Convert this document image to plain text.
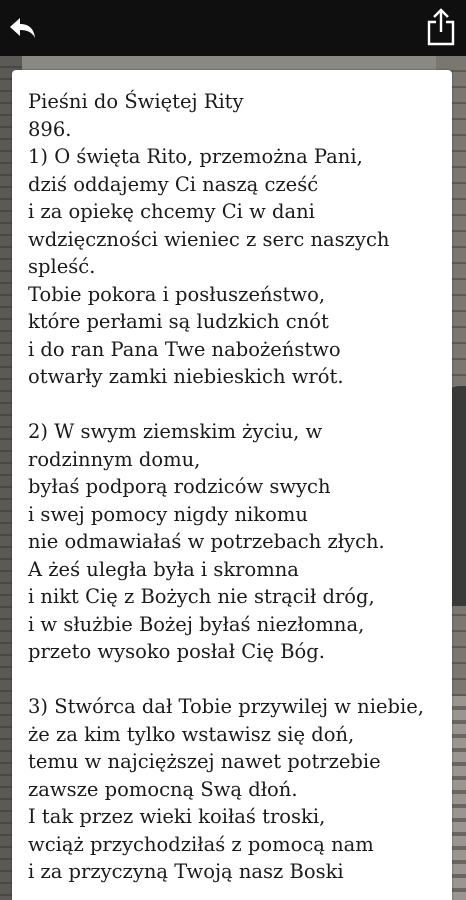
Pieśni do Świętej Rity
896.
1) O święta Rito, przemożna Pani,
dziś oddajemy Ci naszą cześć
i za opiekę chcemy Ci w dani
wdzięczności wieniec z serc naszych
spleść.
Tobie pokora i posłuszeństwo,
które perłami są ludzkich cnót
i do ran Pana Twe nabożeństwo
otwarły zamki niebieskich wrót.
2) W swym ziemskim życiu, w
rodzinnym domu,
byłaś podporą rodziców swych
i swej pomocy nigdy nikomu
nie odmawiałaś w potrzebach złych.
A żeś uległa była i skromna
i nikt Cię z Bożych nie strącił dróg,
i w służbie Bożej byłaś niezłomna,
przeto wysoko posłał Cię Bóg.
3) Stwórca dał Tobie przywilej w niebie,
że za kim tylko wstawisz się doń,
temu w najcięższej nawet potrzebie
zawsze pomocną Swą dłoń.
I tak przez wieki koiłaś troski,
wciąż przychodziłaś z pomocą nam
i za przyczyną Twoją nasz Boski
